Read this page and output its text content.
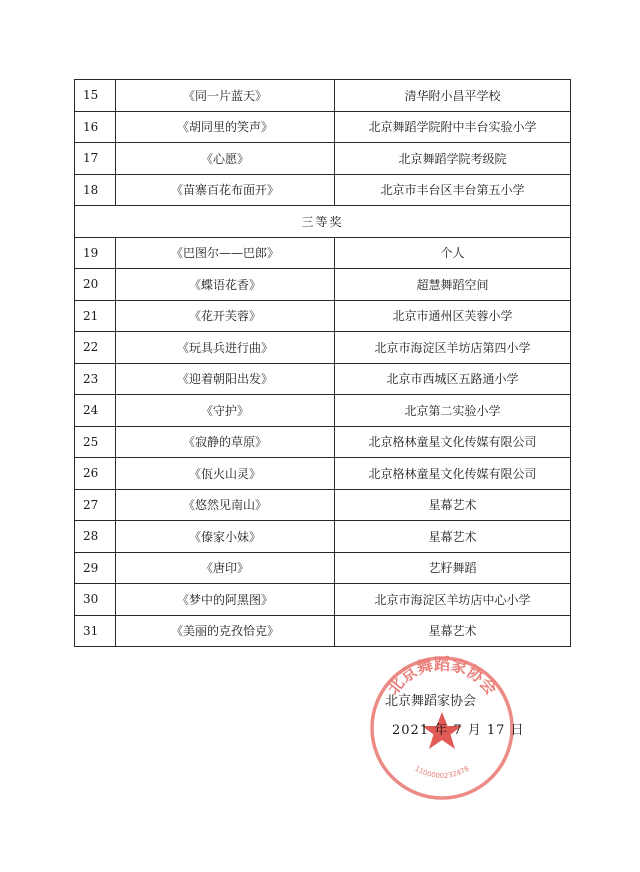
15	《同一片蓝天》	清华附小昌平学校
16	《胡同里的笑声》	北京舞蹈学院附中丰台实验小学
17	《心愿》	北京舞蹈学院考级院
18	《苗寨百花布面开》	北京市丰台区丰台第五小学
三等奖		
19	《巴图尔——巴郎》	个人
20	《蝶语花香》	超慧舞蹈空间
21	《花开芙蓉》	北京市通州区芙蓉小学
22	《玩具兵进行曲》	北京市海淀区羊坊店第四小学
23	《迎着朝阳出发》	北京市西城区五路通小学
24	《守护》	北京第二实验小学
25	《寂静的草原》	北京格林童星文化传媒有限公司
26	《佤火山灵》	北京格林童星文化传媒有限公司
27	《悠然见南山》	星幕艺术
28	《傣家小妹》	星幕艺术
29	《唐印》	艺籽舞蹈
30	《梦中的阿黑图》	北京市海淀区羊坊店中心小学
31	《美丽的克孜恰克》	星幕艺术
北京舞蹈家协会
1100000232478
北京舞蹈家协会
2021 年 7 月 17 日
